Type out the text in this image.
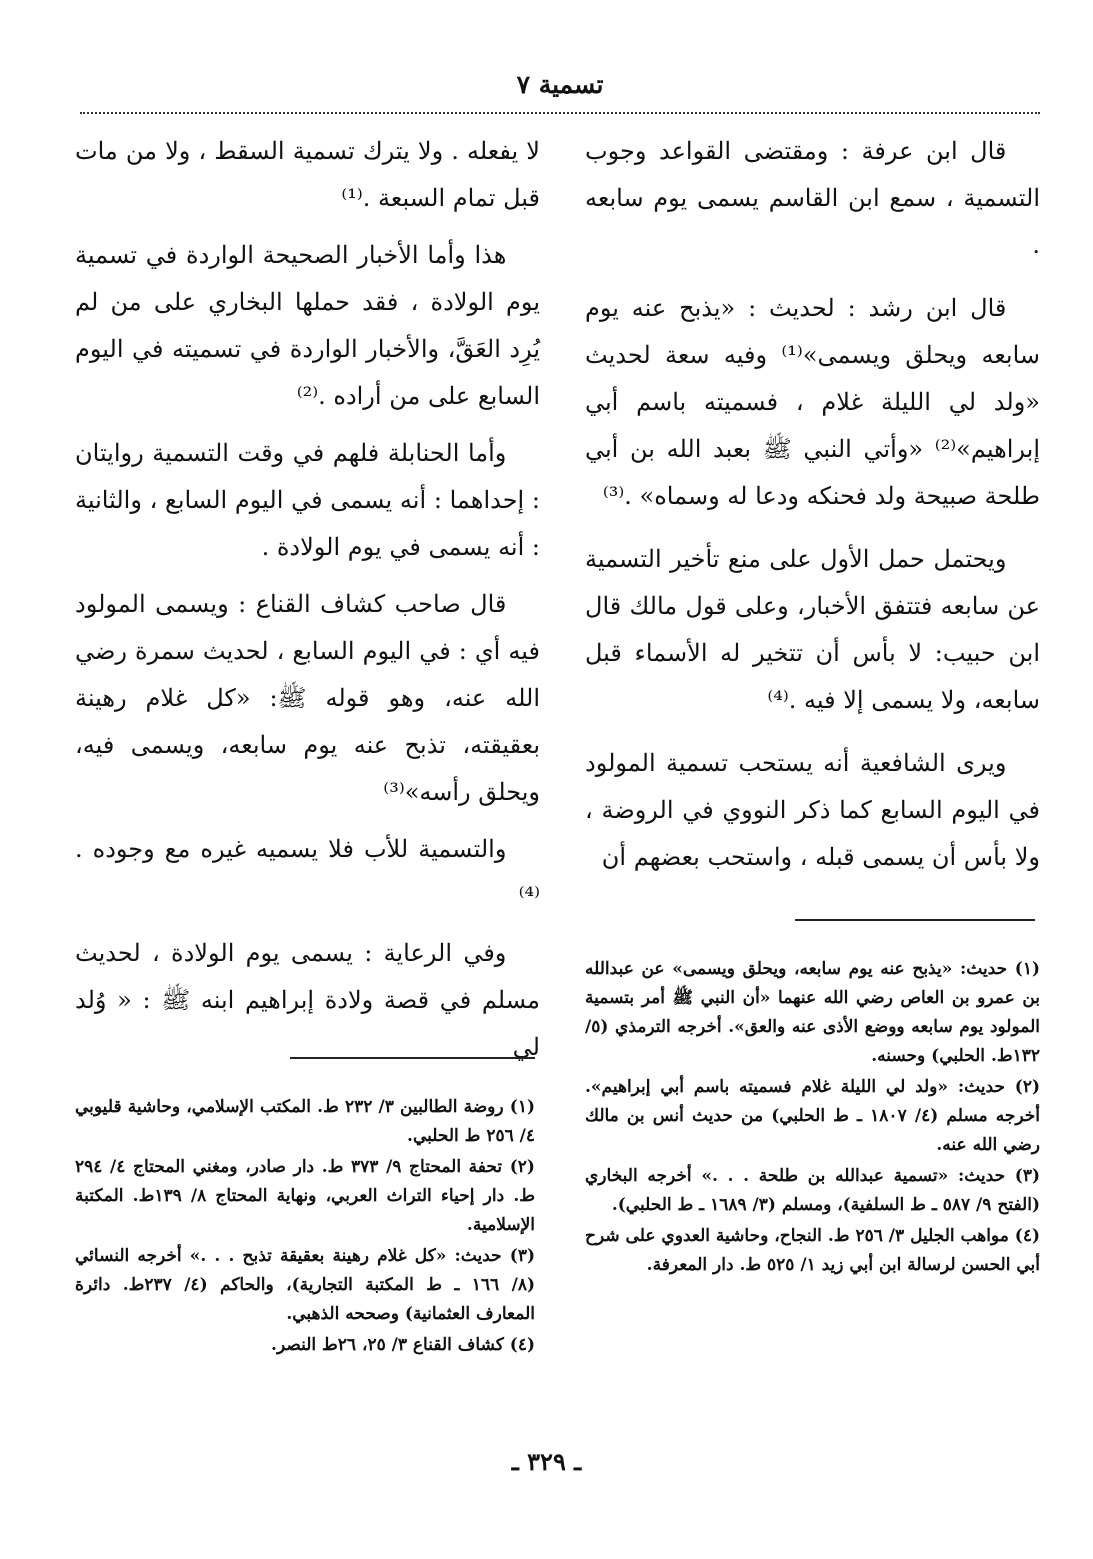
تسمية ٧

قال ابن عرفة : ومقتضى القواعد وجوب التسمية ، سمع ابن القاسم يسمى يوم سابعه .

قال ابن رشد : لحديث : «يذبح عنه يوم سابعه ويحلق ويسمى»⁽¹⁾ وفيه سعة لحديث «ولد لي الليلة غلام ، فسميته باسم أبي إبراهيم»⁽²⁾ «وأتي النبي ﷺ بعبد الله بن أبي طلحة صبيحة ولد فحنكه ودعا له وسماه» .⁽³⁾

ويحتمل حمل الأول على منع تأخير التسمية عن سابعه فتتفق الأخبار، وعلى قول مالك قال ابن حبيب: لا بأس أن تتخير له الأسماء قبل سابعه، ولا يسمى إلا فيه .⁽⁴⁾

ويرى الشافعية أنه يستحب تسمية المولود في اليوم السابع كما ذكر النووي في الروضة ، ولا بأس أن يسمى قبله ، واستحب بعضهم أن

لا يفعله . ولا يترك تسمية السقط ، ولا من مات قبل تمام السبعة .⁽¹⁾

هذا وأما الأخبار الصحيحة الواردة في تسمية يوم الولادة ، فقد حملها البخاري على من لم يُرِد العَقَّ، والأخبار الواردة في تسميته في اليوم السابع على من أراده .⁽²⁾

وأما الحنابلة فلهم في وقت التسمية روايتان : إحداهما : أنه يسمى في اليوم السابع ، والثانية : أنه يسمى في يوم الولادة .

قال صاحب كشاف القناع : ويسمى المولود فيه أي : في اليوم السابع ، لحديث سمرة رضي الله عنه، وهو قوله ﷺ: «كل غلام رهينة بعقيقته، تذبح عنه يوم سابعه، ويسمى فيه، ويحلق رأسه»⁽³⁾

والتسمية للأب فلا يسميه غيره مع وجوده .⁽⁴⁾

وفي الرعاية : يسمى يوم الولادة ، لحديث مسلم في قصة ولادة إبراهيم ابنه ﷺ : « وُلد لي

(١) حديث: «يذبح عنه يوم سابعه، ويحلق ويسمى» عن عبدالله بن عمرو بن العاص رضي الله عنهما «أن النبي ﷺ أمر بتسمية المولود يوم سابعه ووضع الأذى عنه والعق». أخرجه الترمذي (٥/ ١٣٢ط. الحلبي) وحسنه.

(٢) حديث: «ولد لي الليلة غلام فسميته باسم أبي إبراهيم». أخرجه مسلم (٤/ ١٨٠٧ ـ ط الحلبي) من حديث أنس بن مالك رضي الله عنه.

(٣) حديث: «تسمية عبدالله بن طلحة . . .» أخرجه البخاري (الفتح ٩/ ٥٨٧ ـ ط السلفية)، ومسلم (٣/ ١٦٨٩ ـ ط الحلبي).

(٤) مواهب الجليل ٣/ ٢٥٦ ط. النجاح، وحاشية العدوي على شرح أبي الحسن لرسالة ابن أبي زيد ١/ ٥٢٥ ط. دار المعرفة.

(١) روضة الطالبين ٣/ ٢٣٢ ط. المكتب الإسلامي، وحاشية قليوبي ٤/ ٢٥٦ ط الحلبي.

(٢) تحفة المحتاج ٩/ ٣٧٣ ط. دار صادر، ومغني المحتاج ٤/ ٢٩٤ ط. دار إحياء التراث العربي، ونهاية المحتاج ٨/ ١٣٩ط. المكتبة الإسلامية.

(٣) حديث: «كل غلام رهينة بعقيقة تذبح . . .» أخرجه النسائي (٨/ ١٦٦ ـ ط المكتبة التجارية)، والحاكم (٤/ ٢٣٧ط. دائرة المعارف العثمانية) وصححه الذهبي.

(٤) كشاف القناع ٣/ ٢٥، ٢٦ط النصر.

ـ ٣٢٩ ـ
